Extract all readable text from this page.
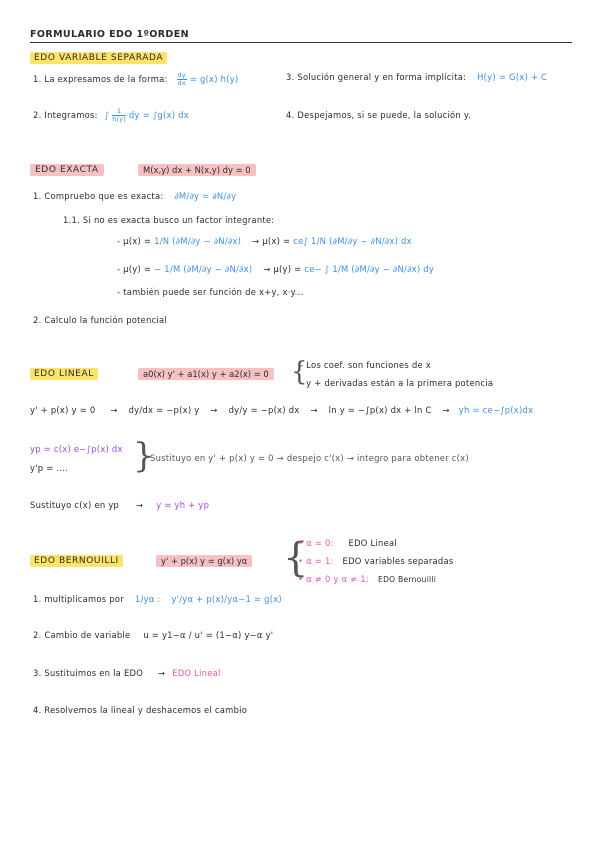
FORMULARIO EDO 1ºORDEN
EDO VARIABLE SEPARADA
1. La expresamos de la forma: $\frac{dy}{dx} = g(x)$ h(y)	3. Solución general y en forma implícita: H(y) = G(x) + C
2. Integramos: ∫ $\frac{1}{h(y)}$ dy = ∫g(x) dx	4. Despejamos, si se puede, la solución y.
EDO EXACTA	M(x,y) dx + N(x,y) dy = 0
1. Compruebo que es exacta: ∂M/∂y = ∂N/∂y
1.1. Si no es exacta busco un factor integrante:
- μ(x) = 1/N (∂M/∂y − ∂N/∂x) → μ(x) = ce∫ 1/N (∂M/∂y − ∂N/∂x) dx
- μ(y) = − 1/M (∂M/∂y − ∂N/∂x) → μ(y) = ce− ∫ 1/M (∂M/∂y − ∂N/∂x) dy
- también puede ser función de x+y, x·y...
2. Calculo la función potencial
EDO LINEAL	a0(x) y' + a1(x) y + a2(x) = 0 {
- Los coef. son funciones de x
- y + derivadas están a la primera potencia
y' + p(x) y = 0 → dy/dx = −p(x) y → dy/y = −p(x) dx → ln y = −∫p(x) dx + ln C → yh = ce−∫p(x)dx
yp = c(x) e−∫p(x) dx
y'p = .... }
Sustituyo en y' + p(x) y = 0 → despejo c'(x) → integro para obtener c(x)
Sustituyo c(x) en yp → y = yh + yp
EDO BERNOUILLI	y' + p(x) y = g(x) yα {
• α = 0: EDO Lineal
• α = 1: EDO variables separadas
• α ≠ 0 y α ≠ 1: EDO Bernouilli
1. multiplicamos por 1/yα : y'/yα + p(x)/yα−1 = g(x)
2. Cambio de variable u = y1−α / u' = (1−α) y−α y'
3. Sustituimos en la EDO → EDO Lineal
4. Resolvemos la lineal y deshacemos el cambio
